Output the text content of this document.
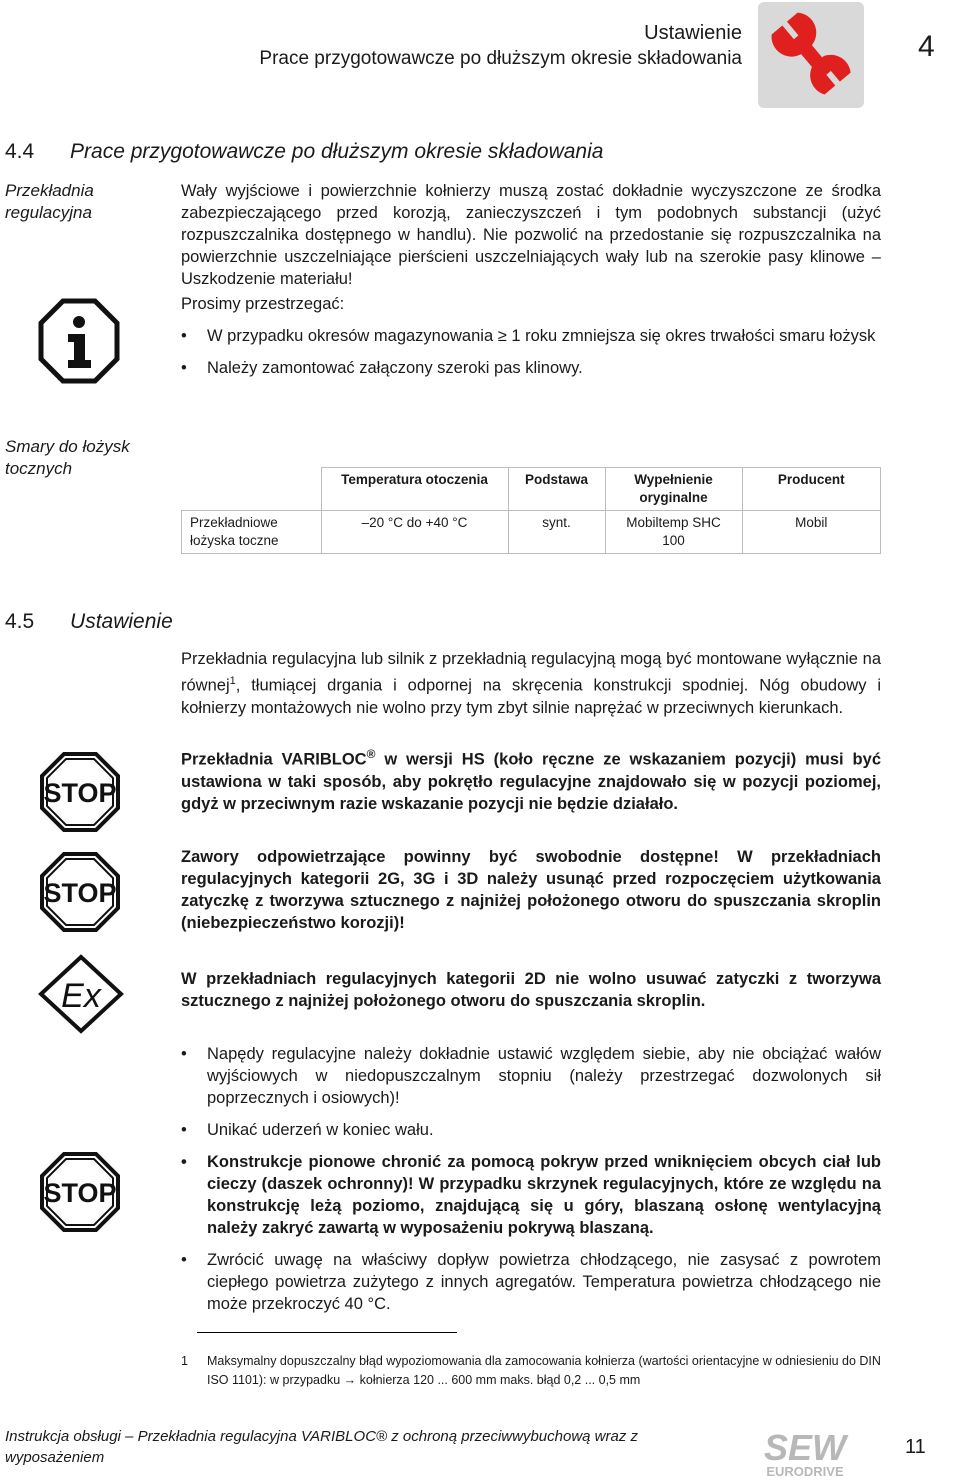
Ustawienie
Prace przygotowawcze po dłuższym okresie składowania	4
4.4 Prace przygotowawcze po dłuższym okresie składowania
Przekładnia regulacyjna
Wały wyjściowe i powierzchnie kołnierzy muszą zostać dokładnie wyczyszczone ze środka zabezpieczającego przed korozją, zanieczyszczeń i tym podobnych substancji (użyć rozpuszczalnika dostępnego w handlu). Nie pozwolić na przedostanie się rozpuszczalnika na powierzchnie uszczelniające pierścieni uszczelniających wały lub na szerokie pasy klinowe – Uszkodzenie materiału!
Prosimy przestrzegać:
• W przypadku okresów magazynowania ≥ 1 roku zmniejsza się okres trwałości smaru łożysk
• Należy zamontować załączony szeroki pas klinowy.
Smary do łożysk tocznych
	Temperatura otoczenia	Podstawa	Wypełnienie oryginalne	Producent
Przekładniowe łożyska toczne	–20 °C do +40 °C	synt.	Mobiltemp SHC 100	Mobil
4.5 Ustawienie
Przekładnia regulacyjna lub silnik z przekładnią regulacyjną mogą być montowane wyłącznie na równej$^1$, tłumiącej drgania i odpornej na skręcenia konstrukcji spodniej. Nóg obudowy i kołnierzy montażowych nie wolno przy tym zbyt silnie naprężać w przeciwnych kierunkach.
Przekładnia VARIBLOC® w wersji HS (koło ręczne ze wskazaniem pozycji) musi być ustawiona w taki sposób, aby pokrętło regulacyjne znajdowało się w pozycji poziomej, gdyż w przeciwnym razie wskazanie pozycji nie będzie działało.
Zawory odpowietrzające powinny być swobodnie dostępne! W przekładniach regulacyjnych kategorii 2G, 3G i 3D należy usunąć przed rozpoczęciem użytkowania zatyczkę z tworzywa sztucznego z najniżej położonego otworu do spuszczania skroplin (niebezpieczeństwo korozji)!
W przekładniach regulacyjnych kategorii 2D nie wolno usuwać zatyczki z tworzywa sztucznego z najniżej położonego otworu do spuszczania skroplin.
• Napędy regulacyjne należy dokładnie ustawić względem siebie, aby nie obciążać wałów wyjściowych w niedopuszczalnym stopniu (należy przestrzegać dozwolonych sił poprzecznych i osiowych)!
• Unikać uderzeń w koniec wału.
• Konstrukcje pionowe chronić za pomocą pokryw przed wniknięciem obcych ciał lub cieczy (daszek ochronny)! W przypadku skrzynek regulacyjnych, które ze względu na konstrukcję leżą poziomo, znajdującą się u góry, blaszaną osłonę wentylacyjną należy zakryć zawartą w wyposażeniu pokrywą blaszaną.
• Zwrócić uwagę na właściwy dopływ powietrza chłodzącego, nie zasysać z powrotem ciepłego powietrza zużytego z innych agregatów. Temperatura powietrza chłodzącego nie może przekroczyć 40 °C.
STOP
STOP
Ex
STOP
1 Maksymalny dopuszczalny błąd wypoziomowania dla zamocowania kołnierza (wartości orientacyjne w odniesieniu do DIN ISO 1101): w przypadku → kołnierza 120 ... 600 mm maks. błąd 0,2 ... 0,5 mm
Instrukcja obsługi – Przekładnia regulacyjna VARIBLOC® z ochroną przeciwwybuchową wraz z wyposażeniem	SEW
EURODRIVE
11
